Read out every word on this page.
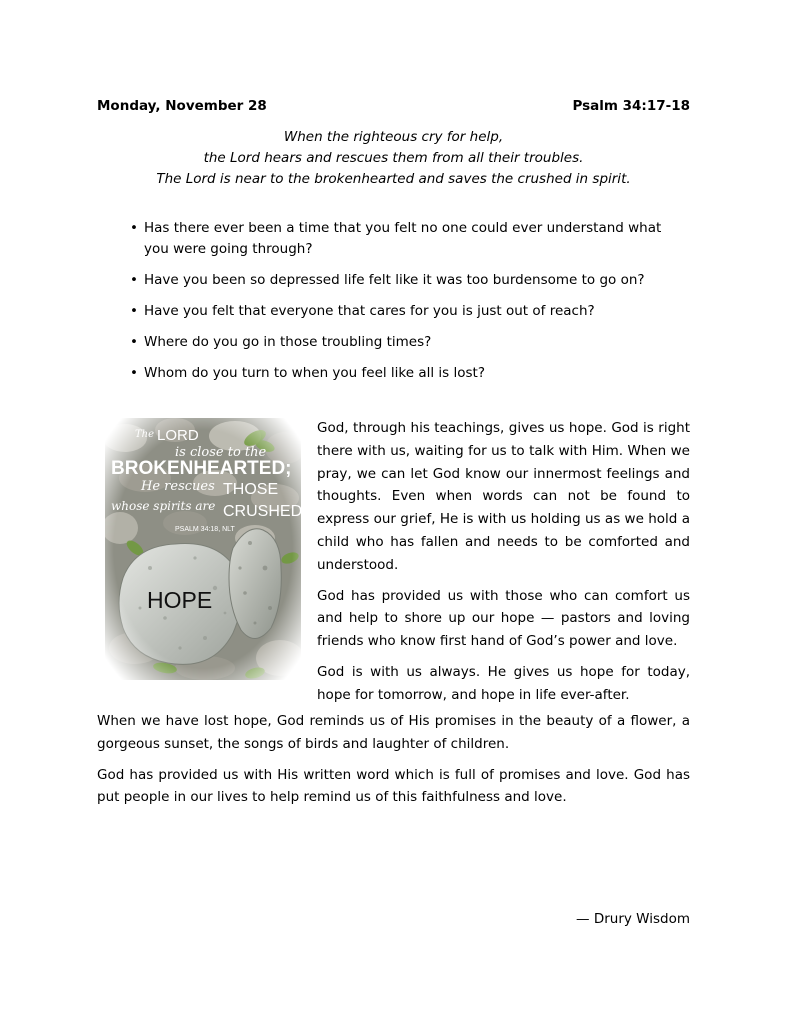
Monday, November 28	Psalm 34:17-18
When the righteous cry for help,
the Lord hears and rescues them from all their troubles.
The Lord is near to the brokenhearted and saves the crushed in spirit.
• Has there ever been a time that you felt no one could ever understand what you were going through?
• Have you been so depressed life felt like it was too burdensome to go on?
• Have you felt that everyone that cares for you is just out of reach?
• Where do you go in those troubling times?
• Whom do you turn to when you feel like all is lost?

God, through his teachings, gives us hope. God is right there with us, waiting for us to talk with Him. When we pray, we can let God know our innermost feelings and thoughts. Even when words can not be found to express our grief, He is with us holding us as we hold a child who has fallen and needs to be comforted and understood.

God has provided us with those who can comfort us and help to shore up our hope — pastors and loving friends who know first hand of God’s power and love.

God is with us always. He gives us hope for today, hope for tomorrow, and hope in life ever-after.

When we have lost hope, God reminds us of His promises in the beauty of a flower, a gorgeous sunset, the songs of birds and laughter of children.

God has provided us with His written word which is full of promises and love. God has put people in our lives to help remind us of this faithfulness and love.

— Drury Wisdom
